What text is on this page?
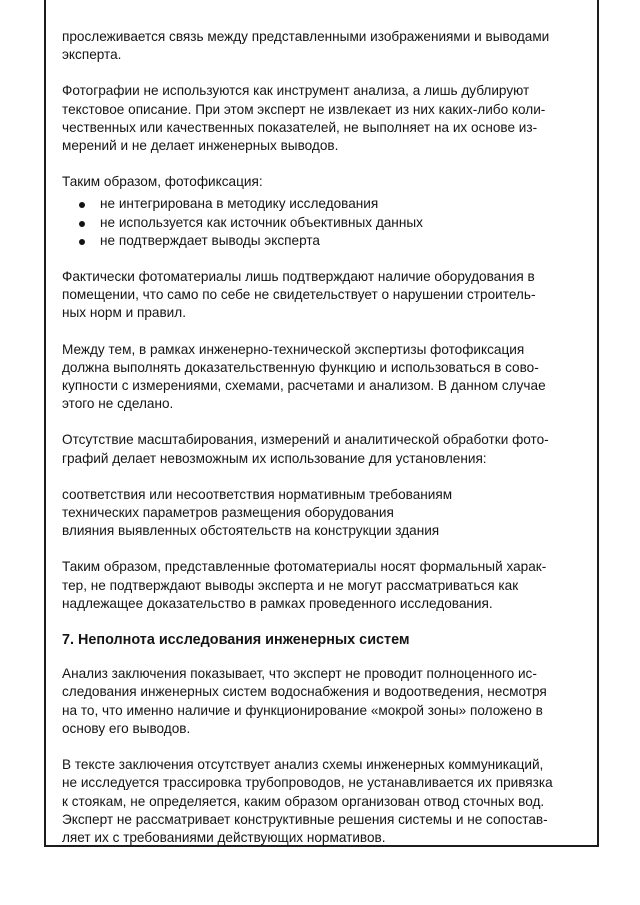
прослеживается связь между представленными изображениями и выводами
эксперта.

Фотографии не используются как инструмент анализа, а лишь дублируют
текстовое описание. При этом эксперт не извлекает из них каких-либо коли-
чественных или качественных показателей, не выполняет на их основе из-
мерений и не делает инженерных выводов.

Таким образом, фотофиксация:

не интегрирована в методику исследования
не используется как источник объективных данных
не подтверждает выводы эксперта

Фактически фотоматериалы лишь подтверждают наличие оборудования в
помещении, что само по себе не свидетельствует о нарушении строитель-
ных норм и правил.

Между тем, в рамках инженерно-технической экспертизы фотофиксация
должна выполнять доказательственную функцию и использоваться в сово-
купности с измерениями, схемами, расчетами и анализом. В данном случае
этого не сделано.

Отсутствие масштабирования, измерений и аналитической обработки фото-
графий делает невозможным их использование для установления:

соответствия или несоответствия нормативным требованиям
технических параметров размещения оборудования
влияния выявленных обстоятельств на конструкции здания

Таким образом, представленные фотоматериалы носят формальный харак-
тер, не подтверждают выводы эксперта и не могут рассматриваться как
надлежащее доказательство в рамках проведенного исследования.

7. Неполнота исследования инженерных систем

Анализ заключения показывает, что эксперт не проводит полноценного ис-
следования инженерных систем водоснабжения и водоотведения, несмотря
на то, что именно наличие и функционирование «мокрой зоны» положено в
основу его выводов.

В тексте заключения отсутствует анализ схемы инженерных коммуникаций,
не исследуется трассировка трубопроводов, не устанавливается их привязка
к стоякам, не определяется, каким образом организован отвод сточных вод.
Эксперт не рассматривает конструктивные решения системы и не сопостав-
ляет их с требованиями действующих нормативов.
